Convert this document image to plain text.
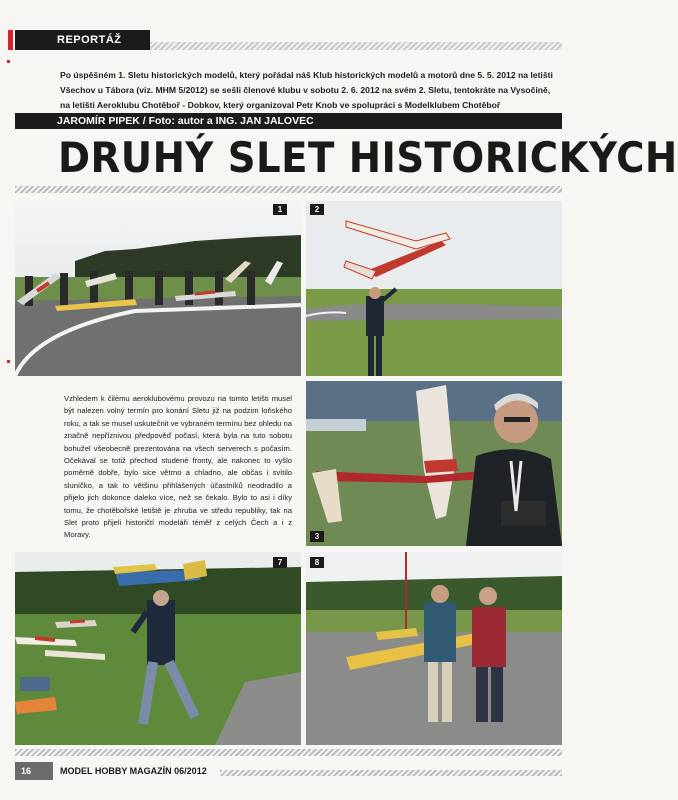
REPORTÁŽ
Po úspěšném 1. Sletu historických modelů, který pořádal náš Klub historických modelů a motorů dne 5. 5. 2012 na letišti Všechov u Tábora (viz. MHM 5/2012) se sešli členové klubu v sobotu 2. 6. 2012 na svém 2. Sletu, tentokráte na Vysočině, na letišti Aeroklubu Chotěboř - Dobkov, který organizoval Petr Knob ve spolupráci s Modelklubem Chotěboř
JAROMÍR PIPEK / Foto: autor a ING. JAN JALOVEC
DRUHÝ SLET HISTORICKÝCH
1	2
3
Vzhledem k čilému aeroklubovému provozu na tomto letišti musel být nalezen volný termín pro konání Sletu již na podzim loňského roku, a tak se musel uskutečnit ve vybraném termínu bez ohledu na značně nepříznivou předpověď počasí, která byla na tuto sobotu bohužel všeobecně prezentována na všech serverech s počasím. Očekával se totiž přechod studené fronty, ale nakonec to vyšlo poměrně dobře, bylo sice větrno a chladno, ale občas i svítilo sluníčko, a tak to většinu přihlášených účastníků neodradilo a přijelo jich dokonce daleko více, než se čekalo. Bylo to asi i díky tomu, že chotěbořské letiště je zhruba ve středu republiky, tak na Slet proto přijeli historičtí modeláři téměř z celých Čech a i z Moravy.
7	8
16	MODEL HOBBY MAGAZÍN 06/2012
